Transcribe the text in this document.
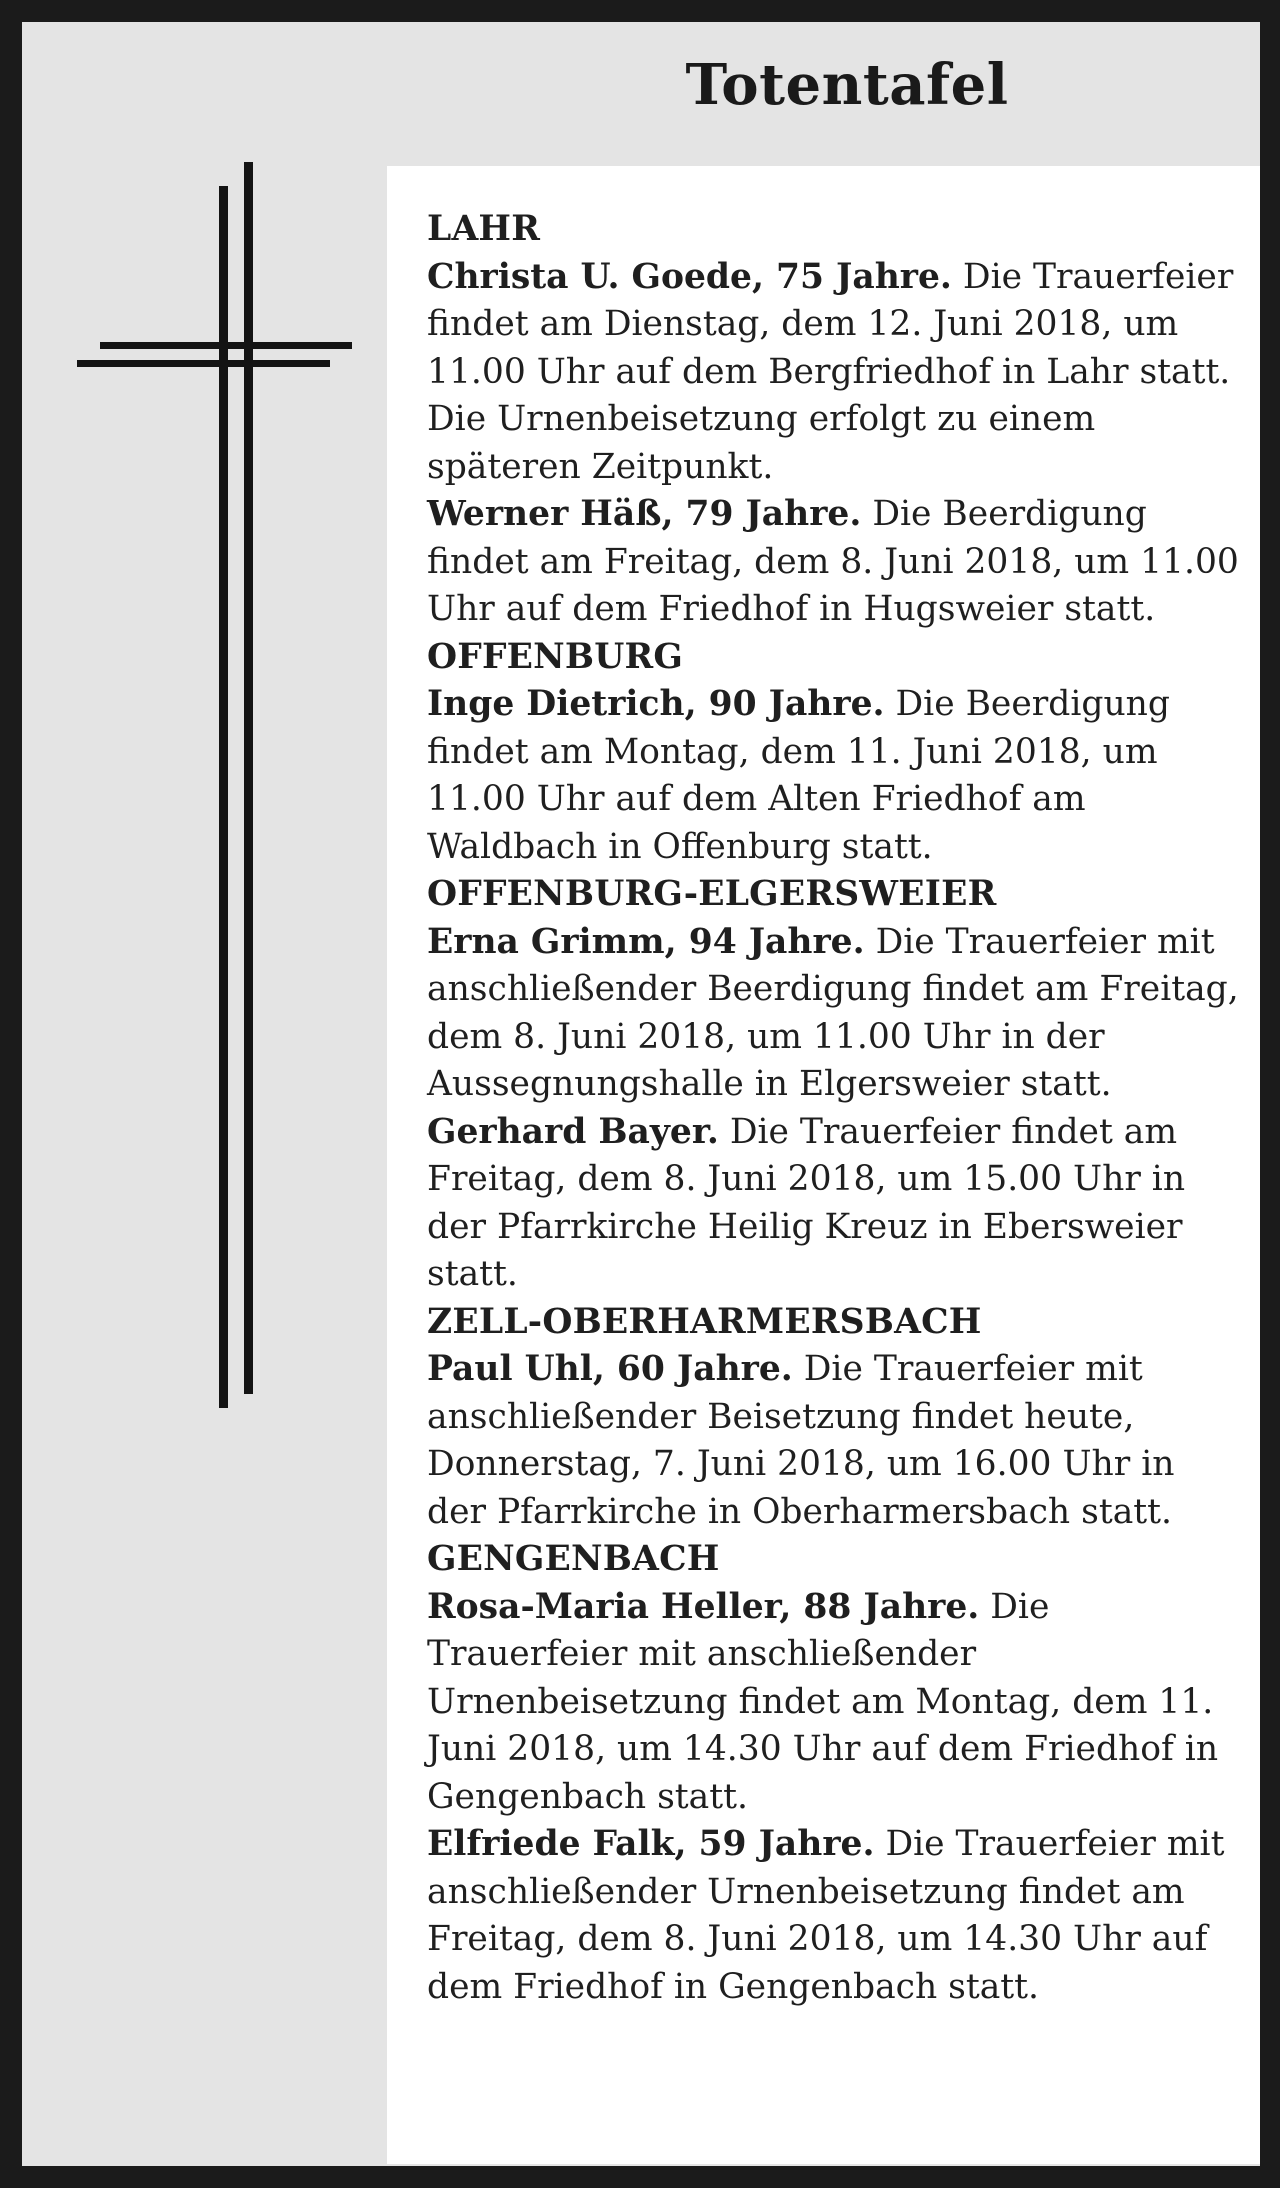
Totentafel
LAHR

Christa U. Goede, 75 Jahre. Die Trauerfeier findet am Dienstag, dem 12. Juni 2018, um 11.00 Uhr auf dem Bergfriedhof in Lahr statt. Die Urnenbeisetzung erfolgt zu einem späteren Zeitpunkt.

Werner Häß, 79 Jahre. Die Beerdigung findet am Freitag, dem 8. Juni 2018, um 11.00 Uhr auf dem Friedhof in Hugsweier statt.

OFFENBURG

Inge Dietrich, 90 Jahre. Die Beerdigung findet am Montag, dem 11. Juni 2018, um 11.00 Uhr auf dem Alten Friedhof am Waldbach in Offenburg statt.

OFFENBURG-ELGERSWEIER

Erna Grimm, 94 Jahre. Die Trauerfeier mit anschließender Beerdigung findet am Freitag, dem 8. Juni 2018, um 11.00 Uhr in der Aussegnungshalle in Elgersweier statt.

Gerhard Bayer. Die Trauerfeier findet am Freitag, dem 8. Juni 2018, um 15.00 Uhr in der Pfarrkirche Heilig Kreuz in Ebersweier statt.

ZELL-OBERHARMERSBACH

Paul Uhl, 60 Jahre. Die Trauerfeier mit anschließender Beisetzung findet heute, Donnerstag, 7. Juni 2018, um 16.00 Uhr in der Pfarrkirche in Oberharmersbach statt.

GENGENBACH

Rosa-Maria Heller, 88 Jahre. Die Trauerfeier mit anschließender Urnenbeisetzung findet am Montag, dem 11. Juni 2018, um 14.30 Uhr auf dem Friedhof in Gengenbach statt.

Elfriede Falk, 59 Jahre. Die Trauerfeier mit anschließender Urnenbeisetzung findet am Freitag, dem 8. Juni 2018, um 14.30 Uhr auf dem Friedhof in Gengenbach statt.
